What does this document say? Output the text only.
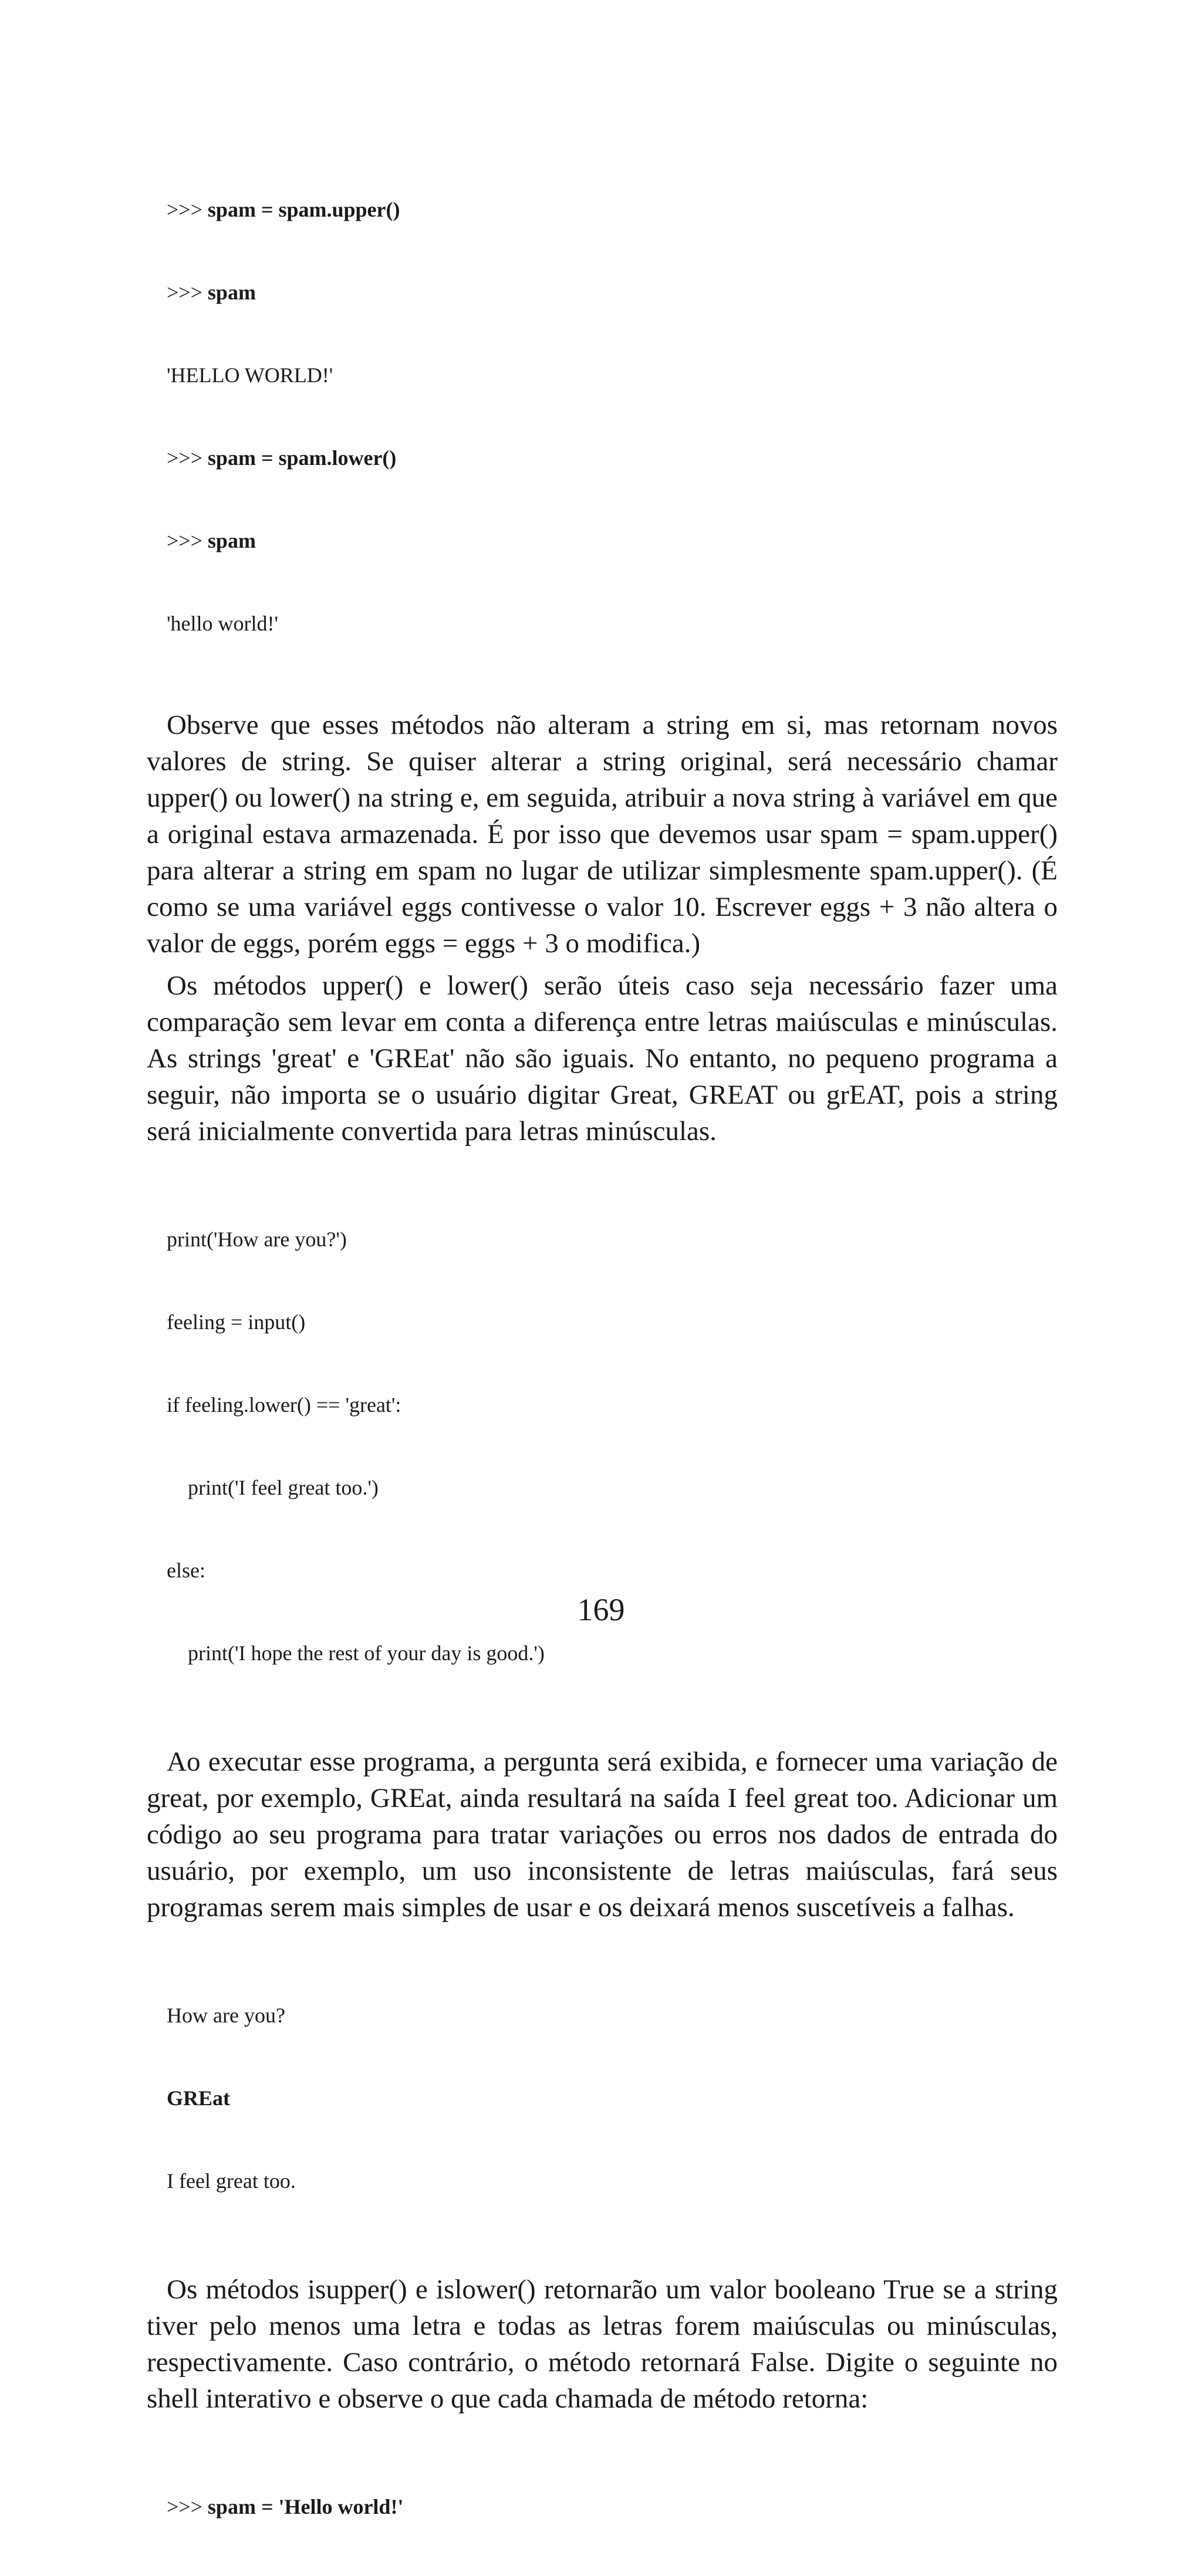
>>> spam = spam.upper()

>>> spam

'HELLO WORLD!'

>>> spam = spam.lower()

>>> spam

'hello world!'

Observe que esses métodos não alteram a string em si, mas retornam novos valores de string. Se quiser alterar a string original, será necessário chamar upper() ou lower() na string e, em seguida, atribuir a nova string à variável em que a original estava armazenada. É por isso que devemos usar spam = spam.upper() para alterar a string em spam no lugar de utilizar simplesmente spam.upper(). (É como se uma variável eggs contivesse o valor 10. Escrever eggs + 3 não altera o valor de eggs, porém eggs = eggs + 3 o modifica.)

Os métodos upper() e lower() serão úteis caso seja necessário fazer uma comparação sem levar em conta a diferença entre letras maiúsculas e minúsculas. As strings 'great' e 'GREat' não são iguais. No entanto, no pequeno programa a seguir, não importa se o usuário digitar Great, GREAT ou grEAT, pois a string será inicialmente convertida para letras minúsculas.

print('How are you?')

feeling = input()

if feeling.lower() == 'great':

print('I feel great too.')

else:

print('I hope the rest of your day is good.')

Ao executar esse programa, a pergunta será exibida, e fornecer uma variação de great, por exemplo, GREat, ainda resultará na saída I feel great too. Adicionar um código ao seu programa para tratar variações ou erros nos dados de entrada do usuário, por exemplo, um uso inconsistente de letras maiúsculas, fará seus programas serem mais simples de usar e os deixará menos suscetíveis a falhas.

How are you?

GREat

I feel great too.

Os métodos isupper() e islower() retornarão um valor booleano True se a string tiver pelo menos uma letra e todas as letras forem maiúsculas ou minúsculas, respectivamente. Caso contrário, o método retornará False. Digite o seguinte no shell interativo e observe o que cada chamada de método retorna:

>>> spam = 'Hello world!'

169
